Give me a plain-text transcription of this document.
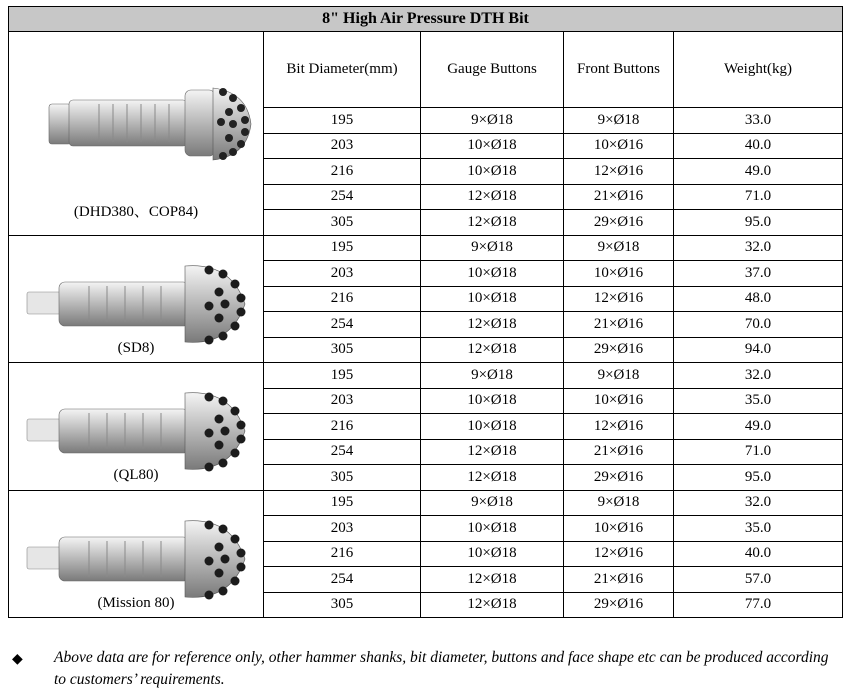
8" High Air Pressure DTH Bit				

(DHD380、COP84)	Bit Diameter(mm)	Gauge Buttons	Front Buttons	Weight(kg)
	195	9×Ø18	9×Ø18	33.0
	203	10×Ø18	10×Ø16	40.0
	216	10×Ø18	12×Ø16	49.0
	254	12×Ø18	21×Ø16	71.0
	305	12×Ø18	29×Ø16	95.0

(SD8)	195	9×Ø18	9×Ø18	32.0
	203	10×Ø18	10×Ø16	37.0
	216	10×Ø18	12×Ø16	48.0
	254	12×Ø18	21×Ø16	70.0
	305	12×Ø18	29×Ø16	94.0

(QL80)	195	9×Ø18	9×Ø18	32.0
	203	10×Ø18	10×Ø16	35.0
	216	10×Ø18	12×Ø16	49.0
	254	12×Ø18	21×Ø16	71.0
	305	12×Ø18	29×Ø16	95.0

(Mission 80)	195	9×Ø18	9×Ø18	32.0
	203	10×Ø18	10×Ø16	35.0
	216	10×Ø18	12×Ø16	40.0
	254	12×Ø18	21×Ø16	57.0
	305	12×Ø18	29×Ø16	77.0
◆ Above data are for reference only, other hammer shanks, bit diameter, buttons and face shape etc can be produced according to customers’ requirements.
